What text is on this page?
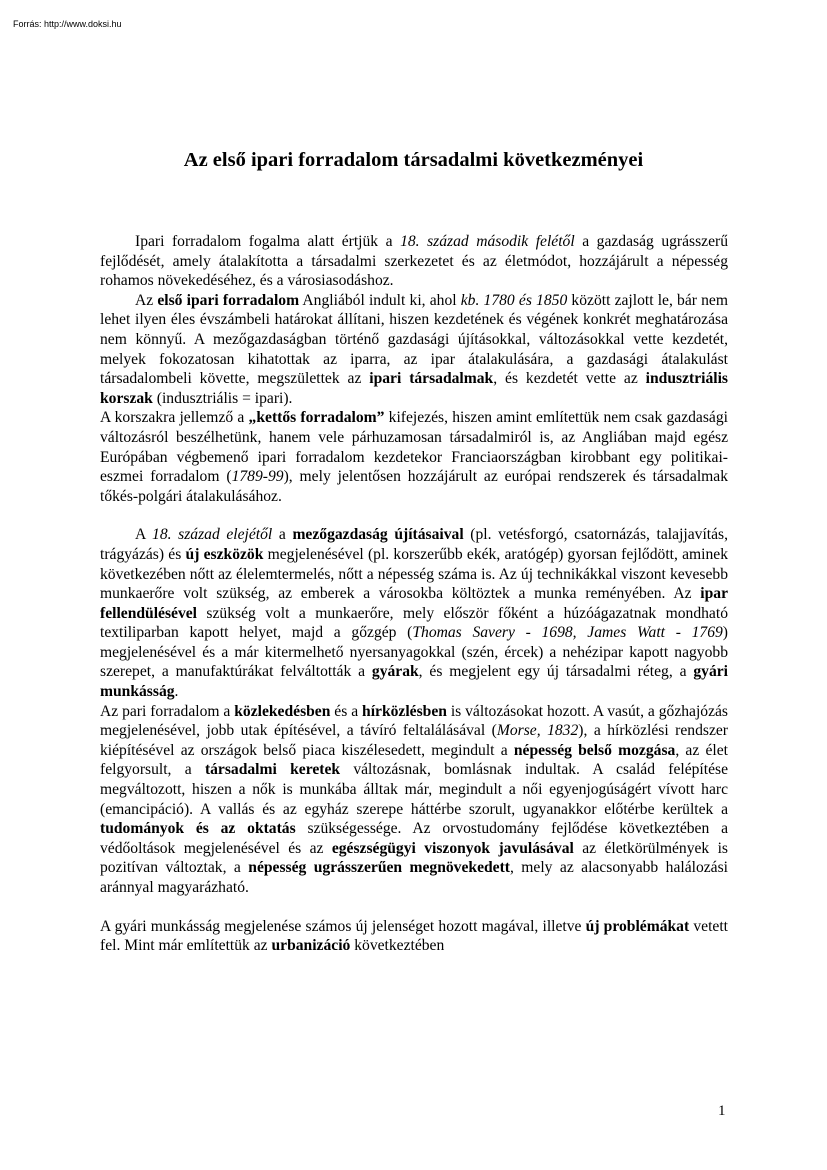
Forrás: http://www.doksi.hu
Az első ipari forradalom társadalmi következményei

Ipari forradalom fogalma alatt értjük a 18. század második felétől a gazdaság ugrásszerű fejlődését, amely átalakította a társadalmi szerkezetet és az életmódot, hozzájárult a népesség rohamos növekedéséhez, és a városiasodáshoz.

Az első ipari forradalom Angliából indult ki, ahol kb. 1780 és 1850 között zajlott le, bár nem lehet ilyen éles évszámbeli határokat állítani, hiszen kezdetének és végének konkrét meghatározása nem könnyű. A mezőgazdaságban történő gazdasági újításokkal, változásokkal vette kezdetét, melyek fokozatosan kihatottak az iparra, az ipar átalakulására, a gazdasági átalakulást társadalombeli követte, megszülettek az ipari társadalmak, és kezdetét vette az indusztriális korszak (indusztriális = ipari).

A korszakra jellemző a „kettős forradalom” kifejezés, hiszen amint említettük nem csak gazdasági változásról beszélhetünk, hanem vele párhuzamosan társadalmiról is, az Angliában majd egész Európában végbemenő ipari forradalom kezdetekor Franciaországban kirobbant egy politikai-eszmei forradalom (1789-99), mely jelentősen hozzájárult az európai rendszerek és társadalmak tőkés-polgári átalakulásához.

A 18. század elejétől a mezőgazdaság újításaival (pl. vetésforgó, csatornázás, talajjavítás, trágyázás) és új eszközök megjelenésével (pl. korszerűbb ekék, aratógép) gyorsan fejlődött, aminek következében nőtt az élelemtermelés, nőtt a népesség száma is. Az új technikákkal viszont kevesebb munkaerőre volt szükség, az emberek a városokba költöztek a munka reményében. Az ipar fellendülésével szükség volt a munkaerőre, mely először főként a húzóágazatnak mondható textiliparban kapott helyet, majd a gőzgép (Thomas Savery - 1698, James Watt - 1769) megjelenésével és a már kitermelhető nyersanyagokkal (szén, ércek) a nehézipar kapott nagyobb szerepet, a manufaktúrákat felváltották a gyárak, és megjelent egy új társadalmi réteg, a gyári munkásság.

Az pari forradalom a közlekedésben és a hírközlésben is változásokat hozott. A vasút, a gőzhajózás megjelenésével, jobb utak építésével, a távíró feltalálásával (Morse, 1832), a hírközlési rendszer kiépítésével az országok belső piaca kiszélesedett, megindult a népesség belső mozgása, az élet felgyorsult, a társadalmi keretek változásnak, bomlásnak indultak. A család felépítése megváltozott, hiszen a nők is munkába álltak már, megindult a női egyenjogúságért vívott harc (emancipáció). A vallás és az egyház szerepe háttérbe szorult, ugyanakkor előtérbe kerültek a tudományok és az oktatás szükségessége. Az orvostudomány fejlődése következtében a védőoltások megjelenésével és az egészségügyi viszonyok javulásával az életkörülmények is pozitívan változtak, a népesség ugrásszerűen megnövekedett, mely az alacsonyabb halálozási aránnyal magyarázható.

A gyári munkásság megjelenése számos új jelenséget hozott magával, illetve új problémákat vetett fel. Mint már említettük az urbanizáció következtében

1
